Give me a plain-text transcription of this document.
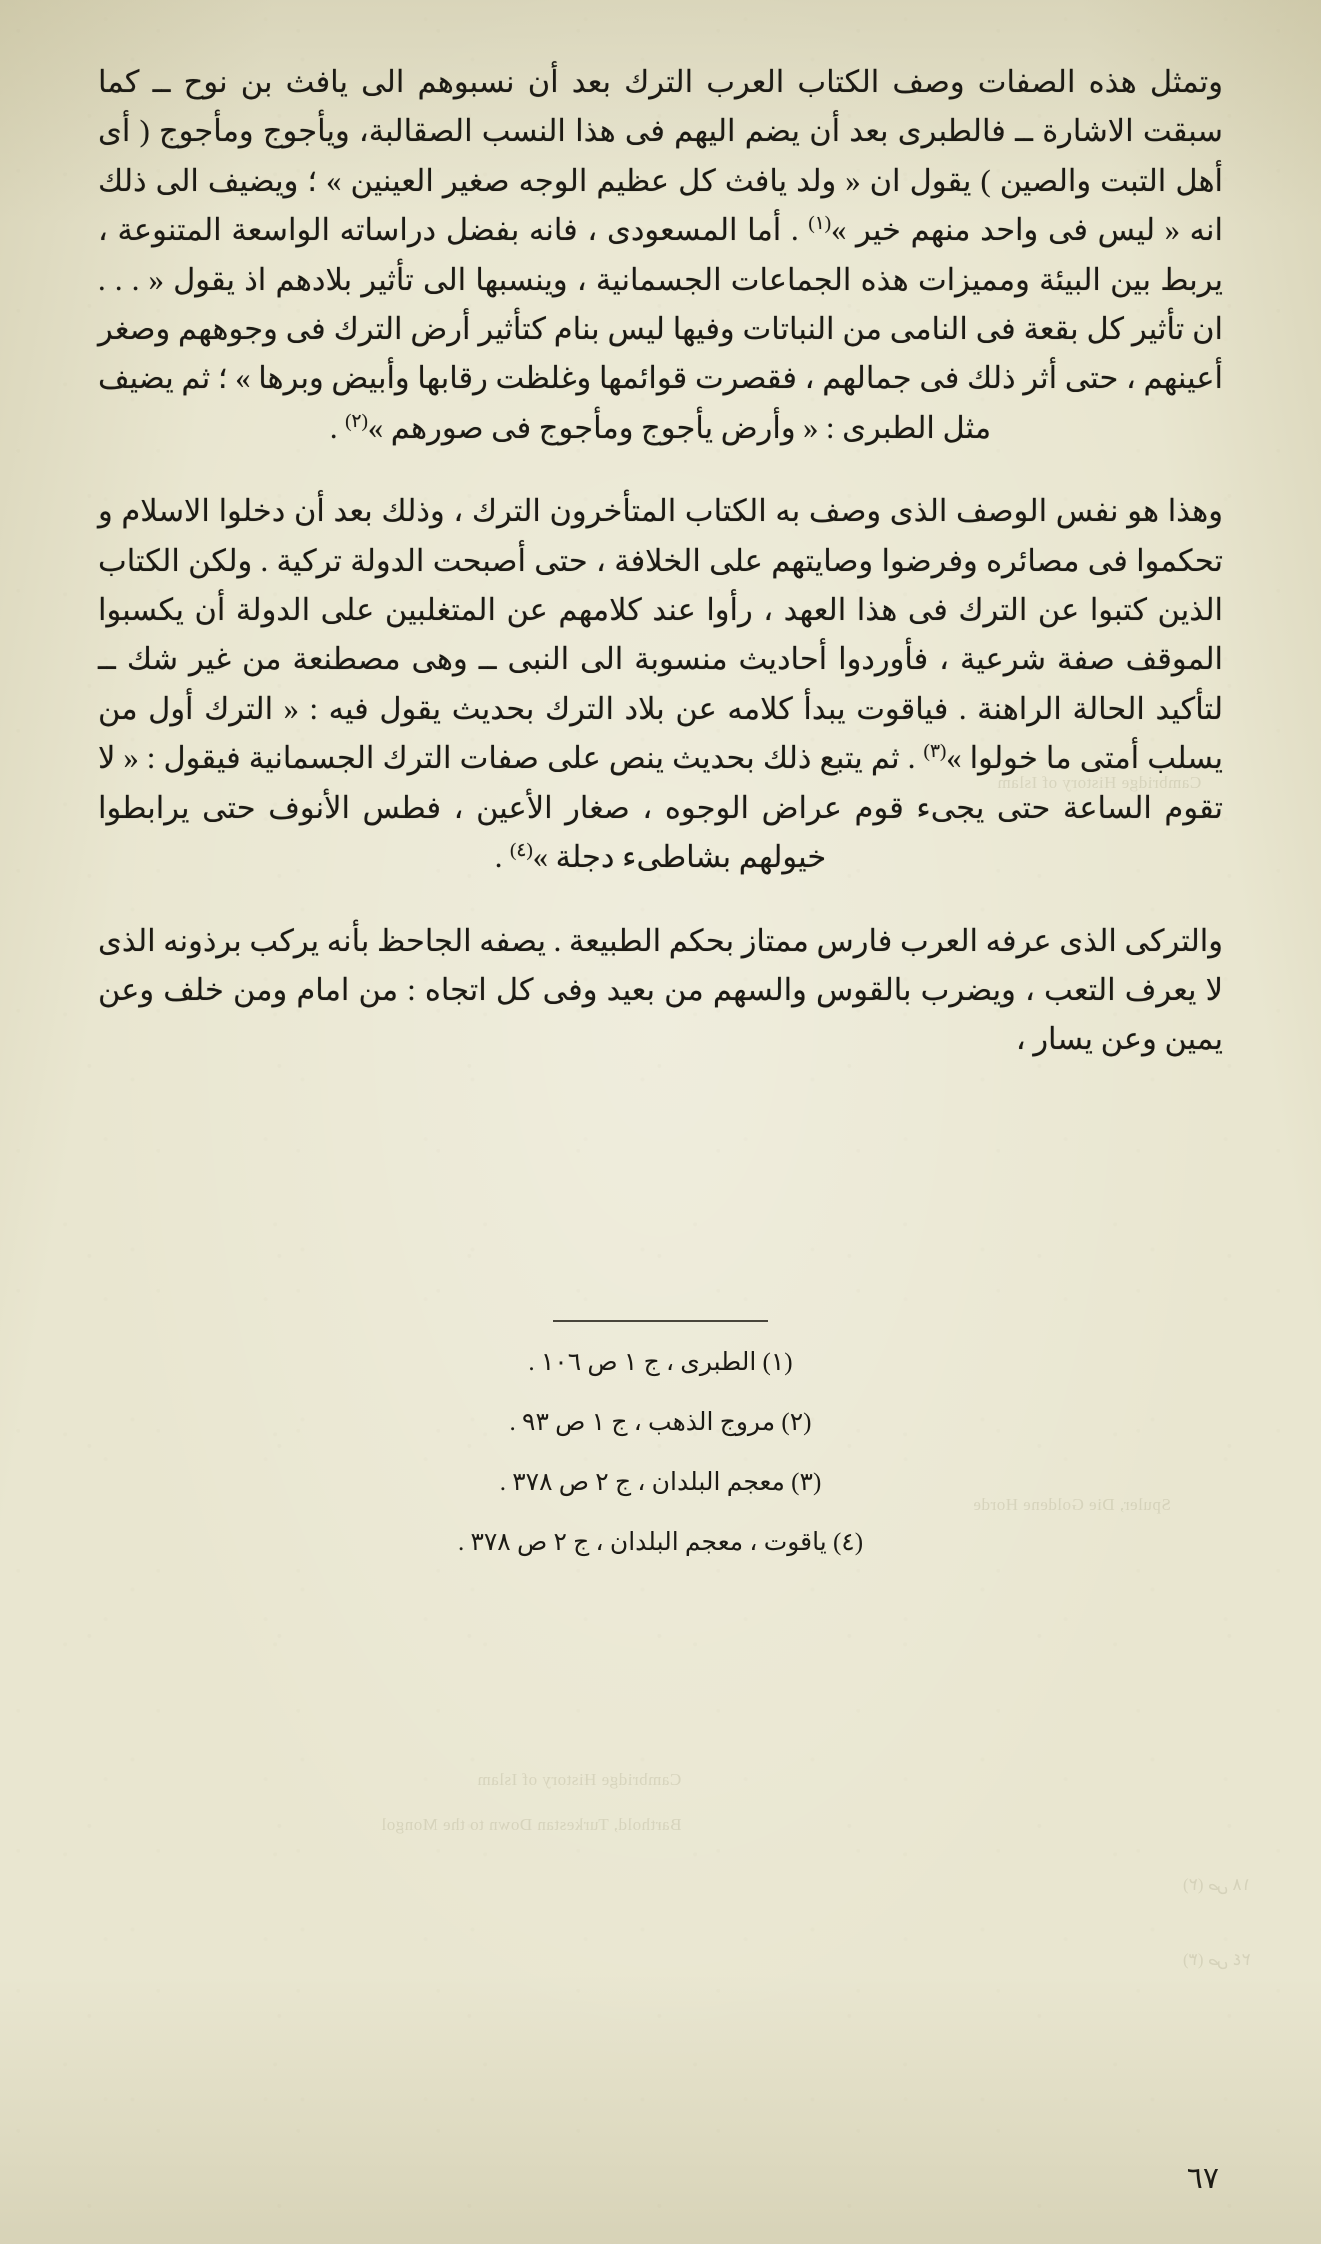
وتمثل هذه الصفات وصف الكتاب العرب الترك بعد أن نسبوهم الى يافث بن نوح ــ كما سبقت الاشارة ــ فالطبرى بعد أن يضم اليهم فى هذا النسب الصقالبة، ويأجوج ومأجوج ( أى أهل التبت والصين ) يقول ان « ولد يافث كل عظيم الوجه صغير العينين » ؛ ويضيف الى ذلك انه « ليس فى واحد منهم خير »$^{(١)}$ . أما المسعودى ، فانه بفضل دراساته الواسعة المتنوعة ، يربط بين البيئة ومميزات هذه الجماعات الجسمانية ، وينسبها الى تأثير بلادهم اذ يقول « . . . ان تأثير كل بقعة فى النامى من النباتات وفيها ليس بنام كتأثير أرض الترك فى وجوههم وصغر أعينهم ، حتى أثر ذلك فى جمالهم ، فقصرت قوائمها وغلظت رقابها وأبيض وبرها » ؛ ثم يضيف مثل الطبرى : « وأرض يأجوج ومأجوج فى صورهم »$^{(٢)}$ .

وهذا هو نفس الوصف الذى وصف به الكتاب المتأخرون الترك ، وذلك بعد أن دخلوا الاسلام و تحكموا فى مصائره وفرضوا وصايتهم على الخلافة ، حتى أصبحت الدولة تركية . ولكن الكتاب الذين كتبوا عن الترك فى هذا العهد ، رأوا عند كلامهم عن المتغلبين على الدولة أن يكسبوا الموقف صفة شرعية ، فأوردوا أحاديث منسوبة الى النبى ــ وهى مصطنعة من غير شك ــ لتأكيد الحالة الراهنة . فياقوت يبدأ كلامه عن بلاد الترك بحديث يقول فيه : « الترك أول من يسلب أمتى ما خولوا »$^{(٣)}$ . ثم يتبع ذلك بحديث ينص على صفات الترك الجسمانية فيقول : « لا تقوم الساعة حتى يجىء قوم عراض الوجوه ، صغار الأعين ، فطس الأنوف حتى يرابطوا خيولهم بشاطىء دجلة »$^{(٤)}$ .

والتركى الذى عرفه العرب فارس ممتاز بحكم الطبيعة . يصفه الجاحظ بأنه يركب برذونه الذى لا يعرف التعب ، ويضرب بالقوس والسهم من بعيد وفى كل اتجاه : من امام ومن خلف وعن يمين وعن يسار ،

(١) الطبرى ، ج ١ ص ١٠٦ .
(٢) مروج الذهب ، ج ١ ص ٩٣ .
(٣) معجم البلدان ، ج ٢ ص ٣٧٨ .
(٤) ياقوت ، معجم البلدان ، ج ٢ ص ٣٧٨ .
٦٧
